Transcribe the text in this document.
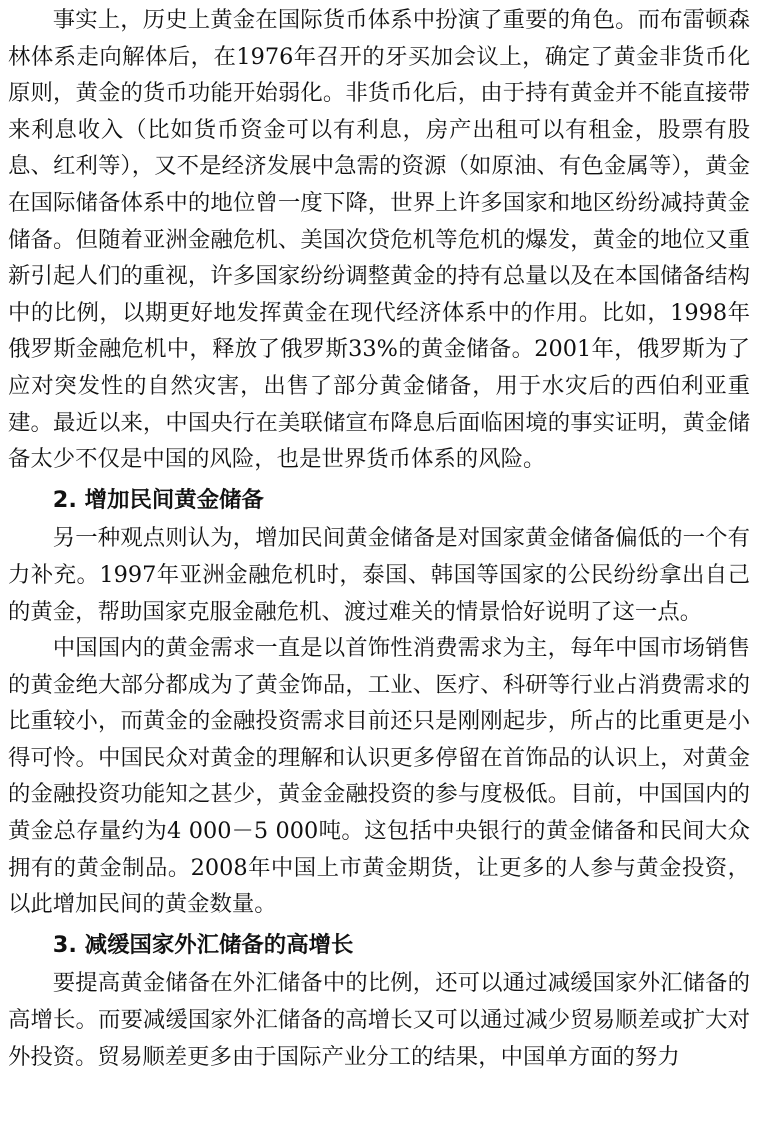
事实上，历史上黄金在国际货币体系中扮演了重要的角色。而布雷顿森林体系走向解体后，在1976年召开的牙买加会议上，确定了黄金非货币化原则，黄金的货币功能开始弱化。非货币化后，由于持有黄金并不能直接带来利息收入（比如货币资金可以有利息，房产出租可以有租金，股票有股息、红利等），又不是经济发展中急需的资源（如原油、有色金属等），黄金在国际储备体系中的地位曾一度下降，世界上许多国家和地区纷纷减持黄金储备。但随着亚洲金融危机、美国次贷危机等危机的爆发，黄金的地位又重新引起人们的重视，许多国家纷纷调整黄金的持有总量以及在本国储备结构中的比例，以期更好地发挥黄金在现代经济体系中的作用。比如，1998年俄罗斯金融危机中，释放了俄罗斯33%的黄金储备。2001年，俄罗斯为了应对突发性的自然灾害，出售了部分黄金储备，用于水灾后的西伯利亚重建。最近以来，中国央行在美联储宣布降息后面临困境的事实证明，黄金储备太少不仅是中国的风险，也是世界货币体系的风险。

2. 增加民间黄金储备

另一种观点则认为，增加民间黄金储备是对国家黄金储备偏低的一个有力补充。1997年亚洲金融危机时，泰国、韩国等国家的公民纷纷拿出自己的黄金，帮助国家克服金融危机、渡过难关的情景恰好说明了这一点。

中国国内的黄金需求一直是以首饰性消费需求为主，每年中国市场销售的黄金绝大部分都成为了黄金饰品，工业、医疗、科研等行业占消费需求的比重较小，而黄金的金融投资需求目前还只是刚刚起步，所占的比重更是小得可怜。中国民众对黄金的理解和认识更多停留在首饰品的认识上，对黄金的金融投资功能知之甚少，黄金金融投资的参与度极低。目前，中国国内的黄金总存量约为4 000－5 000吨。这包括中央银行的黄金储备和民间大众拥有的黄金制品。2008年中国上市黄金期货，让更多的人参与黄金投资，以此增加民间的黄金数量。

3. 减缓国家外汇储备的高增长

要提高黄金储备在外汇储备中的比例，还可以通过减缓国家外汇储备的高增长。而要减缓国家外汇储备的高增长又可以通过减少贸易顺差或扩大对外投资。贸易顺差更多由于国际产业分工的结果，中国单方面的努力
